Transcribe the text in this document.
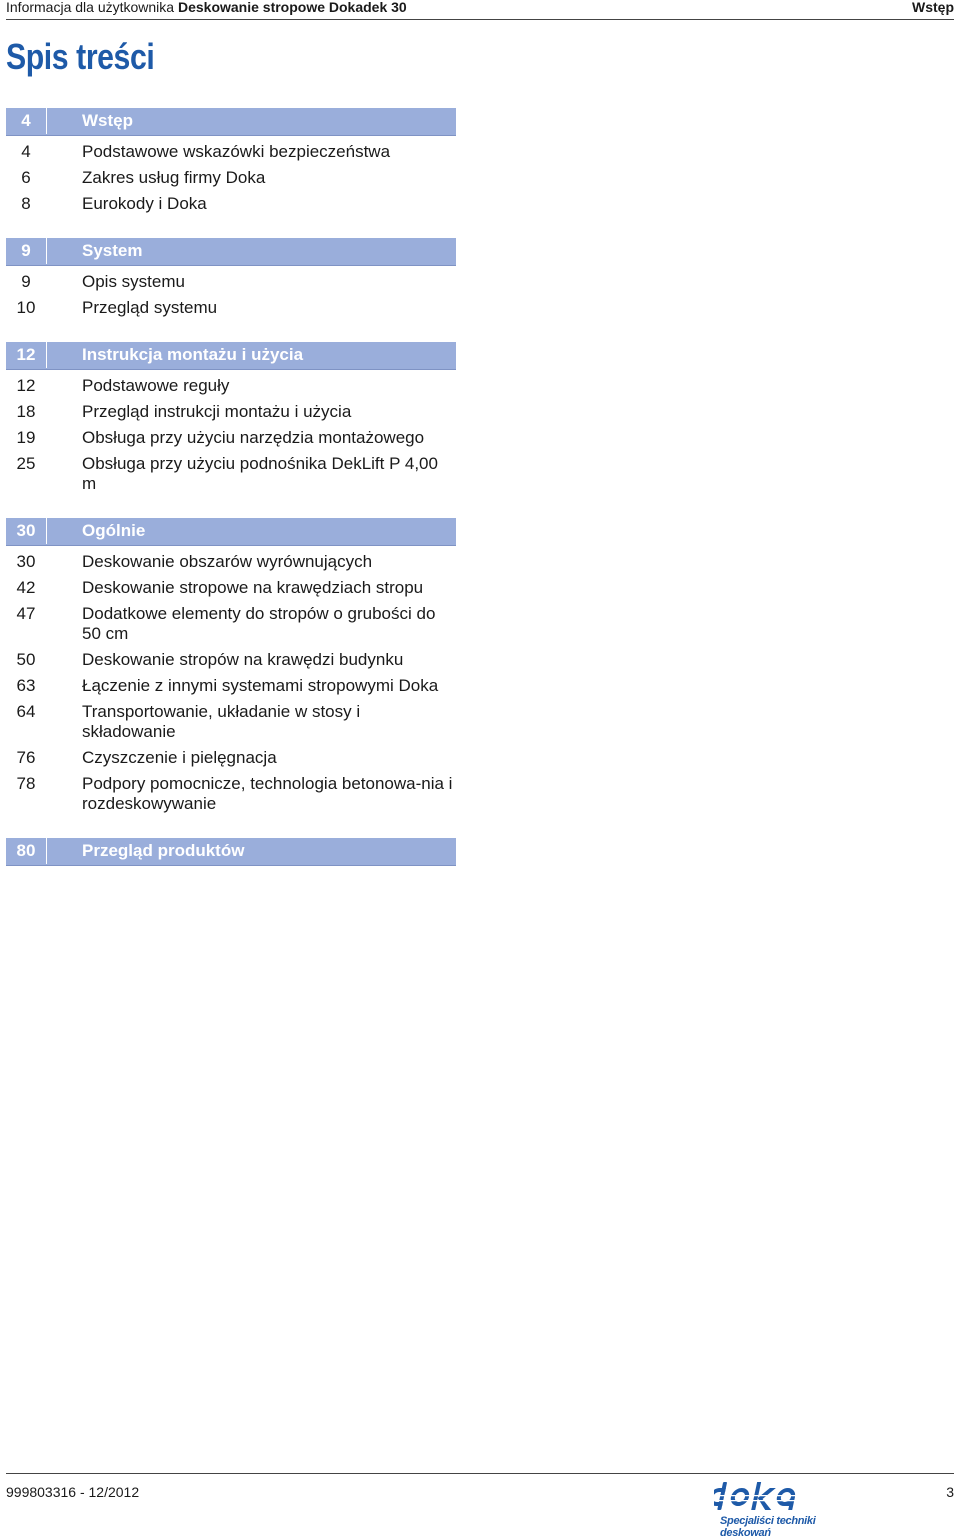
Informacja dla użytkownika Deskowanie stropowe Dokadek 30	Wstęp
Spis treści
4	Wstęp
4	Podstawowe wskazówki bezpieczeństwa
6	Zakres usług firmy Doka
8	Eurokody i Doka
9	System
9	Opis systemu
10	Przegląd systemu
12	Instrukcja montażu i użycia
12	Podstawowe reguły
18	Przegląd instrukcji montażu i użycia
19	Obsługa przy użyciu narzędzia montażowego
25	Obsługa przy użyciu podnośnika DekLift P 4,00 m
30	Ogólnie
30	Deskowanie obszarów wyrównujących
42	Deskowanie stropowe na krawędziach stropu
47	Dodatkowe elementy do stropów o grubości do 50 cm
50	Deskowanie stropów na krawędzi budynku
63	Łączenie z innymi systemami stropowymi Doka
64	Transportowanie, układanie w stosy i składowanie
76	Czyszczenie i pielęgnacja
78	Podpory pomocnicze, technologia betonowa-nia i rozdeskowywanie
80	Przegląd produktów
999803316 - 12/2012
Specjaliści techniki deskowań
3
